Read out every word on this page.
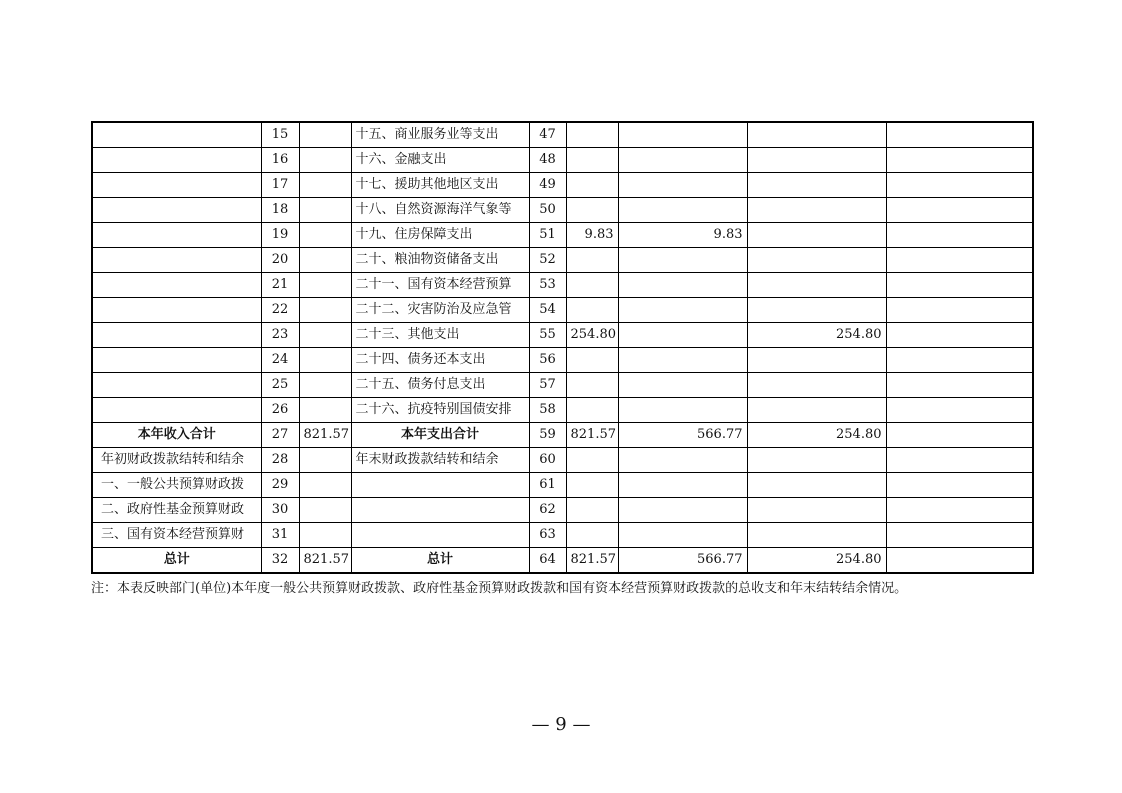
	15		十五、商业服务业等支出	47				
	16		十六、金融支出	48				
	17		十七、援助其他地区支出	49				
	18		十八、自然资源海洋气象等	50				
	19		十九、住房保障支出	51	9.83	9.83		
	20		二十、粮油物资储备支出	52				
	21		二十一、国有资本经营预算	53				
	22		二十二、灾害防治及应急管	54				
	23		二十三、其他支出	55	254.80		254.80	
	24		二十四、债务还本支出	56				
	25		二十五、债务付息支出	57				
	26		二十六、抗疫特别国债安排	58				
本年收入合计	27	821.57	本年支出合计	59	821.57	566.77	254.80	
年初财政拨款结转和结余	28		年末财政拨款结转和结余	60				
一、一般公共预算财政拨	29			61				
二、政府性基金预算财政	30			62				
三、国有资本经营预算财	31			63				
总计	32	821.57	总计	64	821.57	566.77	254.80	
注：本表反映部门(单位)本年度一般公共预算财政拨款、政府性基金预算财政拨款和国有资本经营预算财政拨款的总收支和年末结转结余情况。
— 9 —
